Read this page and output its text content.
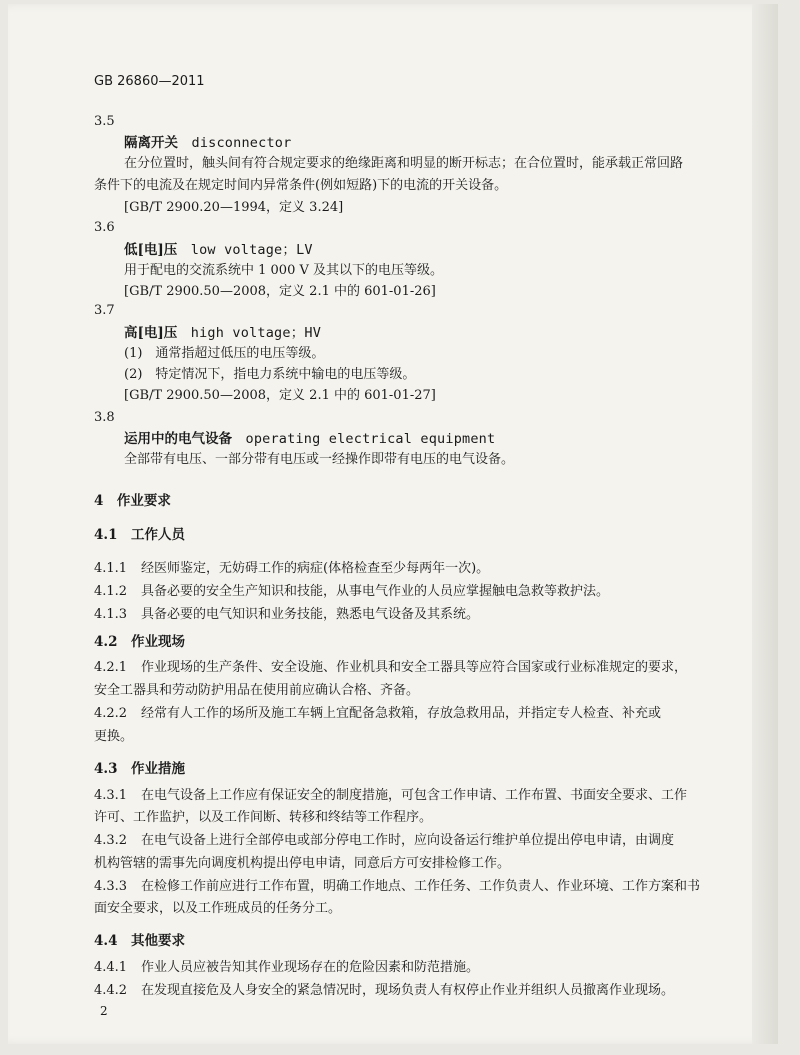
GB 26860—2011
3.5
隔离开关　 disconnector
在分位置时，触头间有符合规定要求的绝缘距离和明显的断开标志；在合位置时，能承载正常回路
条件下的电流及在规定时间内异常条件(例如短路)下的电流的开关设备。
[GB/T 2900.20—1994，定义 3.24]
3.6
低[电]压　 low voltage；LV
用于配电的交流系统中 1 000 V 及其以下的电压等级。
[GB/T 2900.50—2008，定义 2.1 中的 601-01-26]
3.7
高[电]压　 high voltage；HV
(1)　通常指超过低压的电压等级。
(2)　特定情况下，指电力系统中输电的电压等级。
[GB/T 2900.50—2008，定义 2.1 中的 601-01-27]
3.8
运用中的电气设备　 operating electrical equipment
全部带有电压、一部分带有电压或一经操作即带有电压的电气设备。
4　作业要求
4.1　工作人员
4.1.1　 经医师鉴定，无妨碍工作的病症(体格检查至少每两年一次)。
4.1.2　 具备必要的安全生产知识和技能，从事电气作业的人员应掌握触电急救等救护法。
4.1.3　 具备必要的电气知识和业务技能，熟悉电气设备及其系统。
4.2　作业现场
4.2.1　 作业现场的生产条件、安全设施、作业机具和安全工器具等应符合国家或行业标准规定的要求，
安全工器具和劳动防护用品在使用前应确认合格、齐备。
4.2.2　 经常有人工作的场所及施工车辆上宜配备急救箱，存放急救用品，并指定专人检查、补充或
更换。
4.3　作业措施
4.3.1　 在电气设备上工作应有保证安全的制度措施，可包含工作申请、工作布置、书面安全要求、工作
许可、工作监护，以及工作间断、转移和终结等工作程序。
4.3.2　 在电气设备上进行全部停电或部分停电工作时，应向设备运行维护单位提出停电申请，由调度
机构管辖的需事先向调度机构提出停电申请，同意后方可安排检修工作。
4.3.3　 在检修工作前应进行工作布置，明确工作地点、工作任务、工作负责人、作业环境、工作方案和书
面安全要求，以及工作班成员的任务分工。
4.4　其他要求
4.4.1　 作业人员应被告知其作业现场存在的危险因素和防范措施。
4.4.2　 在发现直接危及人身安全的紧急情况时，现场负责人有权停止作业并组织人员撤离作业现场。
2
